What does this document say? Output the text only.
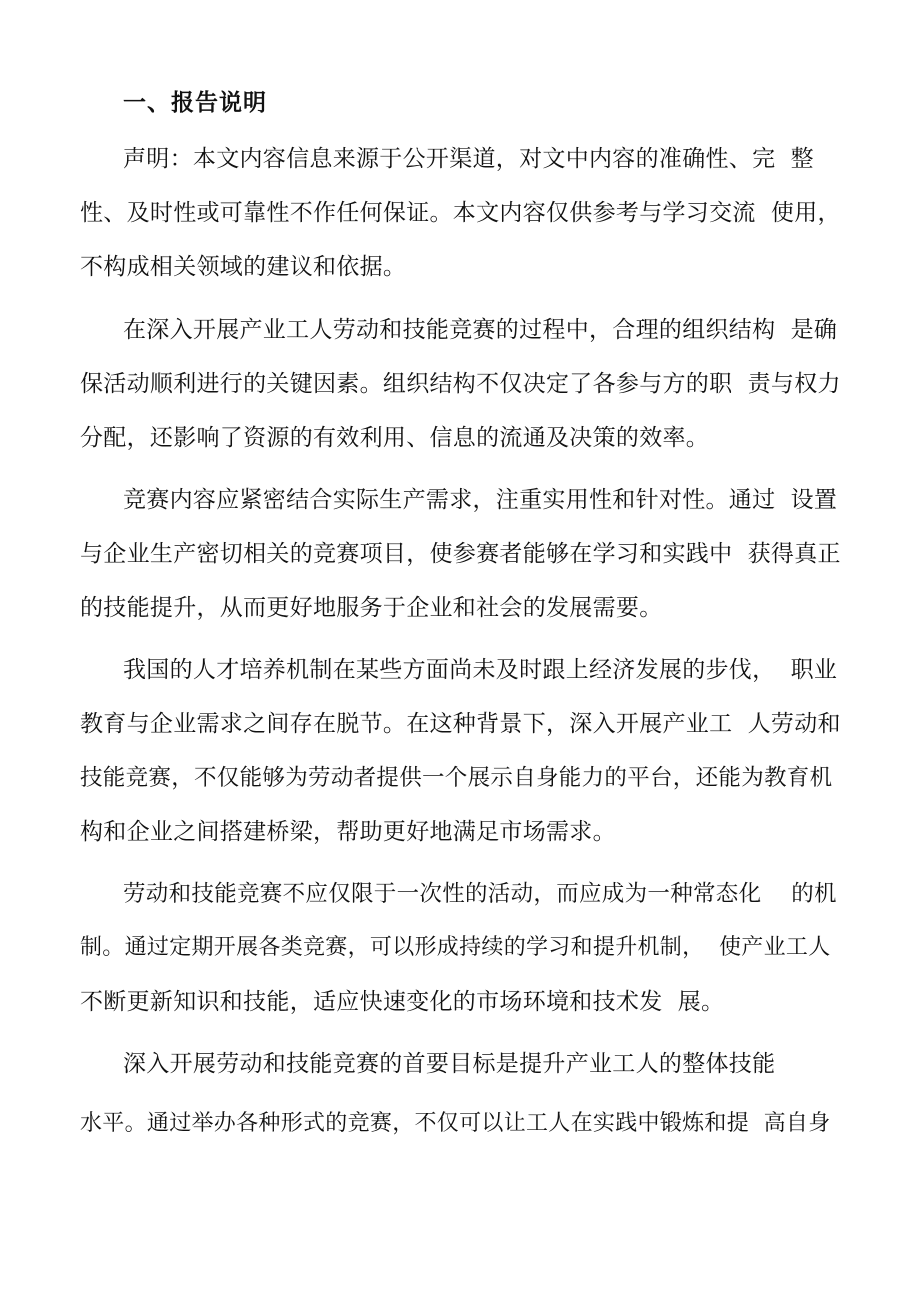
一、报告说明
声明：本文内容信息来源于公开渠道，对文中内容的准确性、完  整
性、及时性或可靠性不作任何保证。本文内容仅供参考与学习交流  使用，
不构成相关领域的建议和依据。
在深入开展产业工人劳动和技能竞赛的过程中，合理的组织结构  是确
保活动顺利进行的关键因素。组织结构不仅决定了各参与方的职  责与权力
分配，还影响了资源的有效利用、信息的流通及决策的效率。
竞赛内容应紧密结合实际生产需求，注重实用性和针对性。通过  设置
与企业生产密切相关的竞赛项目，使参赛者能够在学习和实践中  获得真正
的技能提升，从而更好地服务于企业和社会的发展需要。
我国的人才培养机制在某些方面尚未及时跟上经济发展的步伐，  职业
教育与企业需求之间存在脱节。在这种背景下，深入开展产业工  人劳动和
技能竞赛，不仅能够为劳动者提供一个展示自身能力的平台，还能为教育机
构和企业之间搭建桥梁，帮助更好地满足市场需求。
劳动和技能竞赛不应仅限于一次性的活动，而应成为一种常态化    的机
制。通过定期开展各类竞赛，可以形成持续的学习和提升机制，  使产业工人
不断更新知识和技能，适应快速变化的市场环境和技术发  展。
深入开展劳动和技能竞赛的首要目标是提升产业工人的整体技能
水平。通过举办各种形式的竞赛，不仅可以让工人在实践中锻炼和提  高自身
